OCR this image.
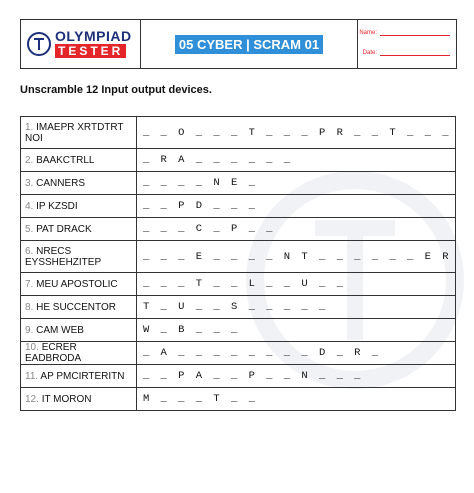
OLYMPIAD
TESTER	05 CYBER | SCRAM 01
Name:
Date:
Unscramble 12 Input output devices.
1. IMAEPR XRTDTRT NOI	_ _ O _ _ _ T _ _ _ P R _ _ T _ _ _
2. BAAKCTRLL	_ R A _ _ _ _ _ _
3. CANNERS	_ _ _ _ N E _
4. IP KZSDI	_ _ P D _ _ _
5. PAT DRACK	_ _ _ C _ P _ _
6. NRECS EYSSHEHZITEP	_ _ _ E _ _ _ _ N T _ _ _ _ _ _ E R
7. MEU APOSTOLIC	_ _ _ T _ _ L _ _ U _ _
8. HE SUCCENTOR	T _ U _ _ S _ _ _ _ _
9. CAM WEB	W _ B _ _ _
10. ECRER EADBRODA	_ A _ _ _ _ _ _ _ _ D _ R _
11. AP PMCIRTERITN	_ _ P A _ _ P _ _ N _ _ _
12. IT MORON	M _ _ _ T _ _
